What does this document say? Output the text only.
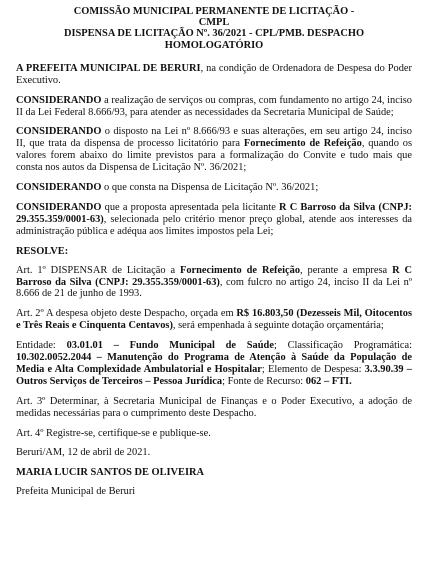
COMISSÃO MUNICIPAL PERMANENTE DE LICITAÇÃO -
CMPL
DISPENSA DE LICITAÇÃO Nº. 36/2021 - CPL/PMB. DESPACHO
HOMOLOGATÓRIO

A PREFEITA MUNICIPAL DE BERURI, na condição de Ordenadora de Despesa do Poder Executivo.

CONSIDERANDO a realização de serviços ou compras, com fundamento no artigo 24, inciso II da Lei Federal 8.666/93, para atender as necessidades da Secretaria Municipal de Saúde;

CONSIDERANDO o disposto na Lei nº 8.666/93 e suas alterações, em seu artigo 24, inciso II, que trata da dispensa de processo licitatório para Fornecimento de Refeição, quando os valores forem abaixo do limite previstos para a formalização do Convite e tudo mais que consta nos autos da Dispensa de Licitação Nº. 36/2021;

CONSIDERANDO o que consta na Dispensa de Licitação Nº. 36/2021;

CONSIDERANDO que a proposta apresentada pela licitante R C Barroso da Silva (CNPJ: 29.355.359/0001-63), selecionada pelo critério menor preço global, atende aos interesses da administração pública e adéqua aos limites impostos pela Lei;

RESOLVE:

Art. 1º DISPENSAR de Licitação a Fornecimento de Refeição, perante a empresa R C Barroso da Silva (CNPJ: 29.355.359/0001-63), com fulcro no artigo 24, inciso II da Lei nº 8.666 de 21 de junho de 1993.

Art. 2º A despesa objeto deste Despacho, orçada em R$ 16.803,50 (Dezesseis Mil, Oitocentos e Três Reais e Cinquenta Centavos), será empenhada à seguinte dotação orçamentária;

Entidade: 03.01.01 – Fundo Municipal de Saúde; Classificação Programática: 10.302.0052.2044 – Manutenção do Programa de Atenção à Saúde da População de Media e Alta Complexidade Ambulatorial e Hospitalar; Elemento de Despesa: 3.3.90.39 – Outros Serviços de Terceiros – Pessoa Jurídica; Fonte de Recurso: 062 – FTI.

Art. 3º Determinar, à Secretaria Municipal de Finanças e o Poder Executivo, a adoção de medidas necessárias para o cumprimento deste Despacho.

Art. 4º Registre-se, certifique-se e publique-se.

Beruri/AM, 12 de abril de 2021.

MARIA LUCIR SANTOS DE OLIVEIRA
Prefeita Municipal de Beruri
